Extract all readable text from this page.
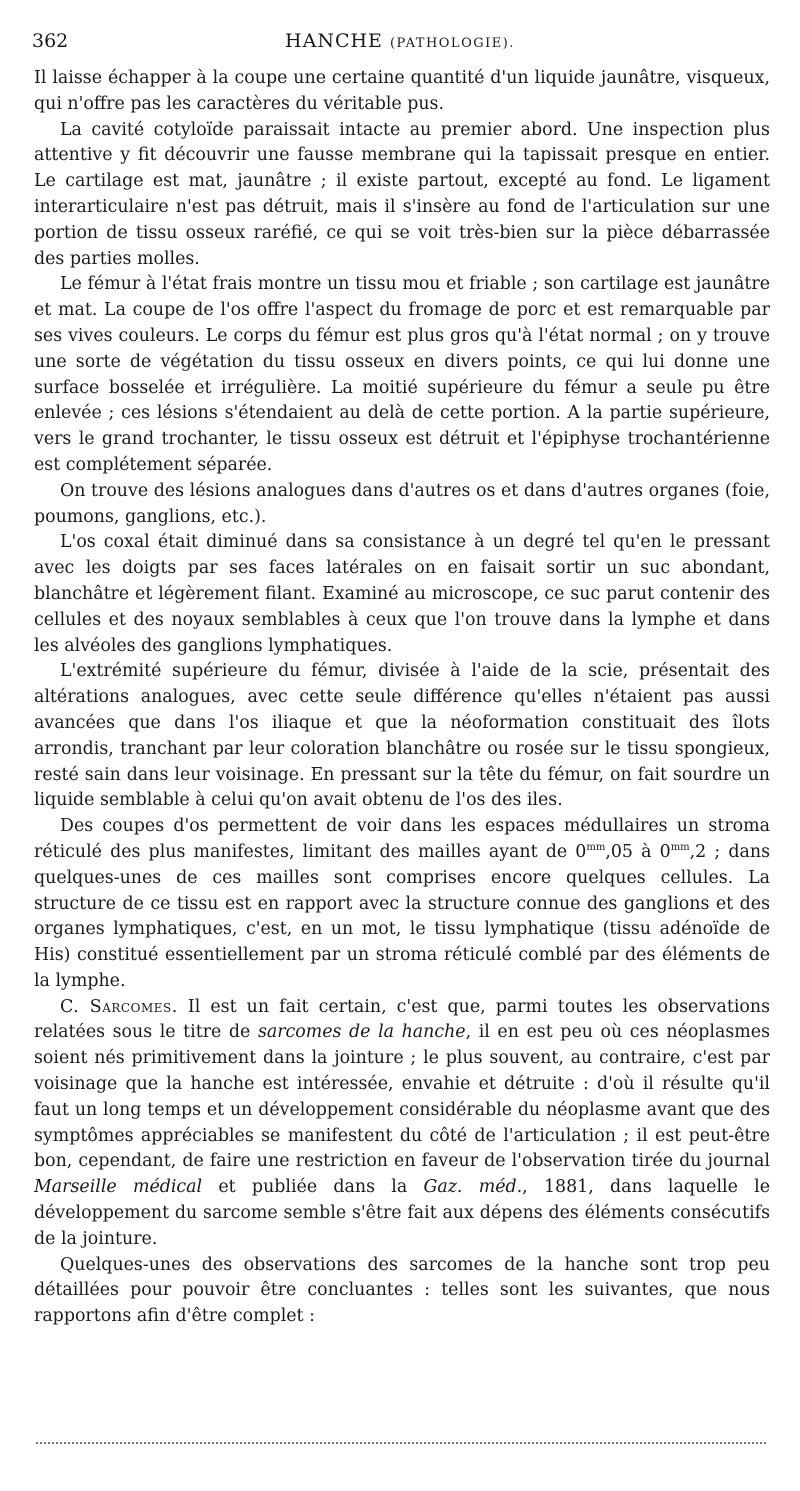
362	HANCHE (PATHOLOGIE).

Il laisse échapper à la coupe une certaine quantité d'un liquide jaunâtre, visqueux, qui n'offre pas les caractères du véritable pus.

La cavité cotyloïde paraissait intacte au premier abord. Une inspection plus attentive y fit découvrir une fausse membrane qui la tapissait presque en entier. Le cartilage est mat, jaunâtre ; il existe partout, excepté au fond. Le ligament interarticulaire n'est pas détruit, mais il s'insère au fond de l'articulation sur une portion de tissu osseux raréfié, ce qui se voit très-bien sur la pièce débarrassée des parties molles.

Le fémur à l'état frais montre un tissu mou et friable ; son cartilage est jaunâtre et mat. La coupe de l'os offre l'aspect du fromage de porc et est remarquable par ses vives couleurs. Le corps du fémur est plus gros qu'à l'état normal ; on y trouve une sorte de végétation du tissu osseux en divers points, ce qui lui donne une surface bosselée et irrégulière. La moitié supérieure du fémur a seule pu être enlevée ; ces lésions s'étendaient au delà de cette portion. A la partie supérieure, vers le grand trochanter, le tissu osseux est détruit et l'épiphyse trochantérienne est complétement séparée.

On trouve des lésions analogues dans d'autres os et dans d'autres organes (foie, poumons, ganglions, etc.).

L'os coxal était diminué dans sa consistance à un degré tel qu'en le pressant avec les doigts par ses faces latérales on en faisait sortir un suc abondant, blanchâtre et légèrement filant. Examiné au microscope, ce suc parut contenir des cellules et des noyaux semblables à ceux que l'on trouve dans la lymphe et dans les alvéoles des ganglions lymphatiques.

L'extrémité supérieure du fémur, divisée à l'aide de la scie, présentait des altérations analogues, avec cette seule différence qu'elles n'étaient pas aussi avancées que dans l'os iliaque et que la néoformation constituait des îlots arrondis, tranchant par leur coloration blanchâtre ou rosée sur le tissu spongieux, resté sain dans leur voisinage. En pressant sur la tête du fémur, on fait sourdre un liquide semblable à celui qu'on avait obtenu de l'os des iles.

Des coupes d'os permettent de voir dans les espaces médullaires un stroma réticulé des plus manifestes, limitant des mailles ayant de $0^{mm},05$ à $0^{mm},2$ ; dans quelques-unes de ces mailles sont comprises encore quelques cellules. La structure de ce tissu est en rapport avec la structure connue des ganglions et des organes lymphatiques, c'est, en un mot, le tissu lymphatique (tissu adénoïde de His) constitué essentiellement par un stroma réticulé comblé par des éléments de la lymphe.

C. Sarcomes. Il est un fait certain, c'est que, parmi toutes les observations relatées sous le titre de sarcomes de la hanche, il en est peu où ces néoplasmes soient nés primitivement dans la jointure ; le plus souvent, au contraire, c'est par voisinage que la hanche est intéressée, envahie et détruite : d'où il résulte qu'il faut un long temps et un développement considérable du néoplasme avant que des symptômes appréciables se manifestent du côté de l'articulation ; il est peut-être bon, cependant, de faire une restriction en faveur de l'observation tirée du journal Marseille médical et publiée dans la Gaz. méd., 1881, dans laquelle le développement du sarcome semble s'être fait aux dépens des éléments consécutifs de la jointure.

Quelques-unes des observations des sarcomes de la hanche sont trop peu détaillées pour pouvoir être concluantes : telles sont les suivantes, que nous rapportons afin d'être complet :
